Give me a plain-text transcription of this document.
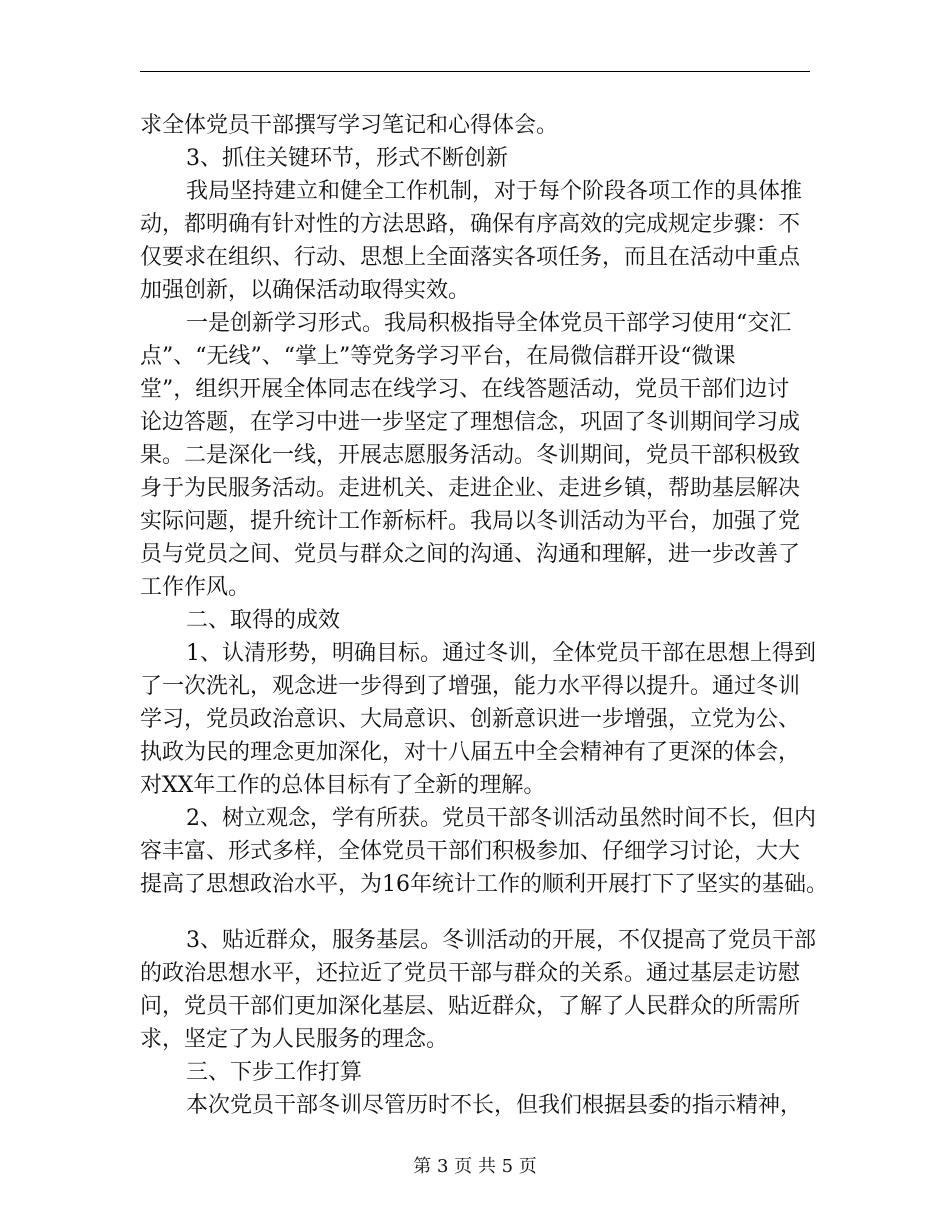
求全体党员干部撰写学习笔记和心得体会。
3、抓住关键环节，形式不断创新
我局坚持建立和健全工作机制，对于每个阶段各项工作的具体推
动，都明确有针对性的方法思路，确保有序高效的完成规定步骤：不
仅要求在组织、行动、思想上全面落实各项任务，而且在活动中重点
加强创新，以确保活动取得实效。
一是创新学习形式。我局积极指导全体党员干部学习使用“交汇
点”、“无线”、“掌上”等党务学习平台，在局微信群开设“微课
堂”，组织开展全体同志在线学习、在线答题活动，党员干部们边讨
论边答题，在学习中进一步坚定了理想信念，巩固了冬训期间学习成
果。二是深化一线，开展志愿服务活动。冬训期间，党员干部积极致
身于为民服务活动。走进机关、走进企业、走进乡镇，帮助基层解决
实际问题，提升统计工作新标杆。我局以冬训活动为平台，加强了党
员与党员之间、党员与群众之间的沟通、沟通和理解，进一步改善了
工作作风。
二、取得的成效
1、认清形势，明确目标。通过冬训，全体党员干部在思想上得到
了一次洗礼，观念进一步得到了增强，能力水平得以提升。通过冬训
学习，党员政治意识、大局意识、创新意识进一步增强，立党为公、
执政为民的理念更加深化，对十八届五中全会精神有了更深的体会，
对XX年工作的总体目标有了全新的理解。
2、树立观念，学有所获。党员干部冬训活动虽然时间不长，但内
容丰富、形式多样，全体党员干部们积极参加、仔细学习讨论，大大
提高了思想政治水平，为16年统计工作的顺利开展打下了坚实的基础。
3、贴近群众，服务基层。冬训活动的开展，不仅提高了党员干部
的政治思想水平，还拉近了党员干部与群众的关系。通过基层走访慰
问，党员干部们更加深化基层、贴近群众，了解了人民群众的所需所
求，坚定了为人民服务的理念。
三、下步工作打算
本次党员干部冬训尽管历时不长，但我们根据县委的指示精神，
第 3 页 共 5 页
